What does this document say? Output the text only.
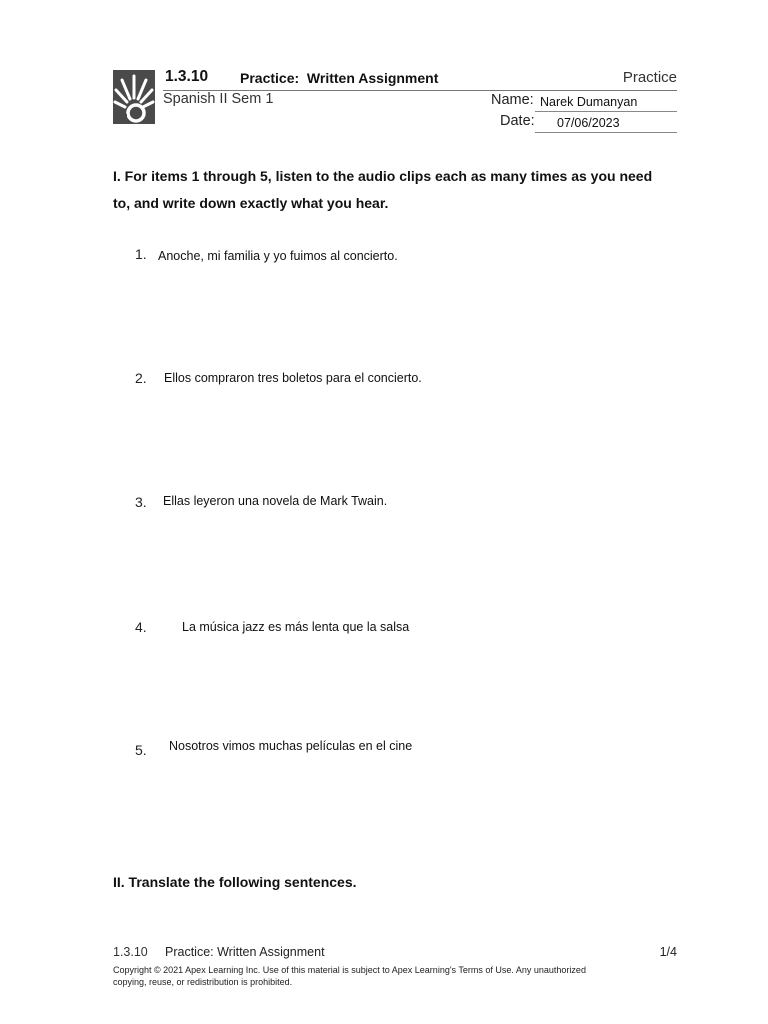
1.3.10 Practice:  Written Assignment	Practice
Spanish II Sem 1	Name: Narek Dumanyan
Date: 07/06/2023
I. For items 1 through 5, listen to the audio clips each as many times as you need
to, and write down exactly what you hear.
1. Anoche, mi familia y yo fuimos al concierto.
2. Ellos compraron tres boletos para el concierto.
3. Ellas leyeron una novela de Mark Twain.
4.	La música jazz es más lenta que la salsa
5. Nosotros vimos muchas películas en el cine
II. Translate the following sentences.
1.3.10 Practice: Written Assignment	1/4
Copyright © 2021 Apex Learning Inc. Use of this material is subject to Apex Learning's Terms of Use. Any unauthorized
copying, reuse, or redistribution is prohibited.
